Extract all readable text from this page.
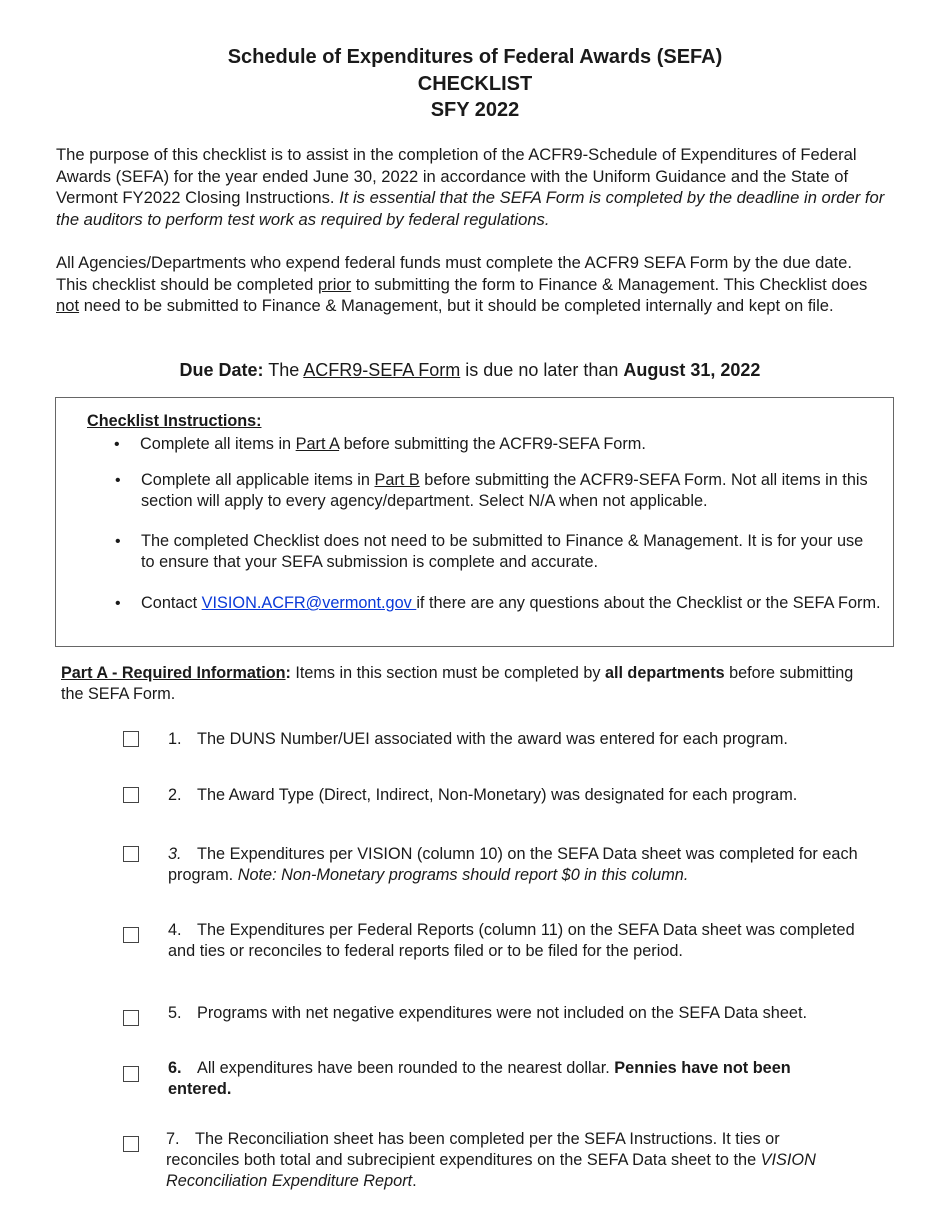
Schedule of Expenditures of Federal Awards (SEFA)
CHECKLIST
SFY 2022
The purpose of this checklist is to assist in the completion of the ACFR9-Schedule of Expenditures of Federal Awards (SEFA) for the year ended June 30, 2022 in accordance with the Uniform Guidance and the State of Vermont FY2022 Closing Instructions. It is essential that the SEFA Form is completed by the deadline in order for the auditors to perform test work as required by federal regulations.
All Agencies/Departments who expend federal funds must complete the ACFR9 SEFA Form by the due date. This checklist should be completed prior to submitting the form to Finance & Management. This Checklist does not need to be submitted to Finance & Management, but it should be completed internally and kept on file.
Due Date: The ACFR9-SEFA Form is due no later than August 31, 2022
Checklist Instructions:
• Complete all items in Part A before submitting the ACFR9-SEFA Form.
• Complete all applicable items in Part B before submitting the ACFR9-SEFA Form. Not all items in this section will apply to every agency/department. Select N/A when not applicable.
• The completed Checklist does not need to be submitted to Finance & Management. It is for your use to ensure that your SEFA submission is complete and accurate.
• Contact VISION.ACFR@vermont.gov if there are any questions about the Checklist or the SEFA Form.
Part A - Required Information: Items in this section must be completed by all departments before submitting the SEFA Form.
1. The DUNS Number/UEI associated with the award was entered for each program.
2. The Award Type (Direct, Indirect, Non-Monetary) was designated for each program.
3. The Expenditures per VISION (column 10) on the SEFA Data sheet was completed for each program. Note: Non-Monetary programs should report $0 in this column.
4. The Expenditures per Federal Reports (column 11) on the SEFA Data sheet was completed and ties or reconciles to federal reports filed or to be filed for the period.
5. Programs with net negative expenditures were not included on the SEFA Data sheet.
6. All expenditures have been rounded to the nearest dollar. Pennies have not been entered.
7. The Reconciliation sheet has been completed per the SEFA Instructions. It ties or reconciles both total and subrecipient expenditures on the SEFA Data sheet to the VISION Reconciliation Expenditure Report.
